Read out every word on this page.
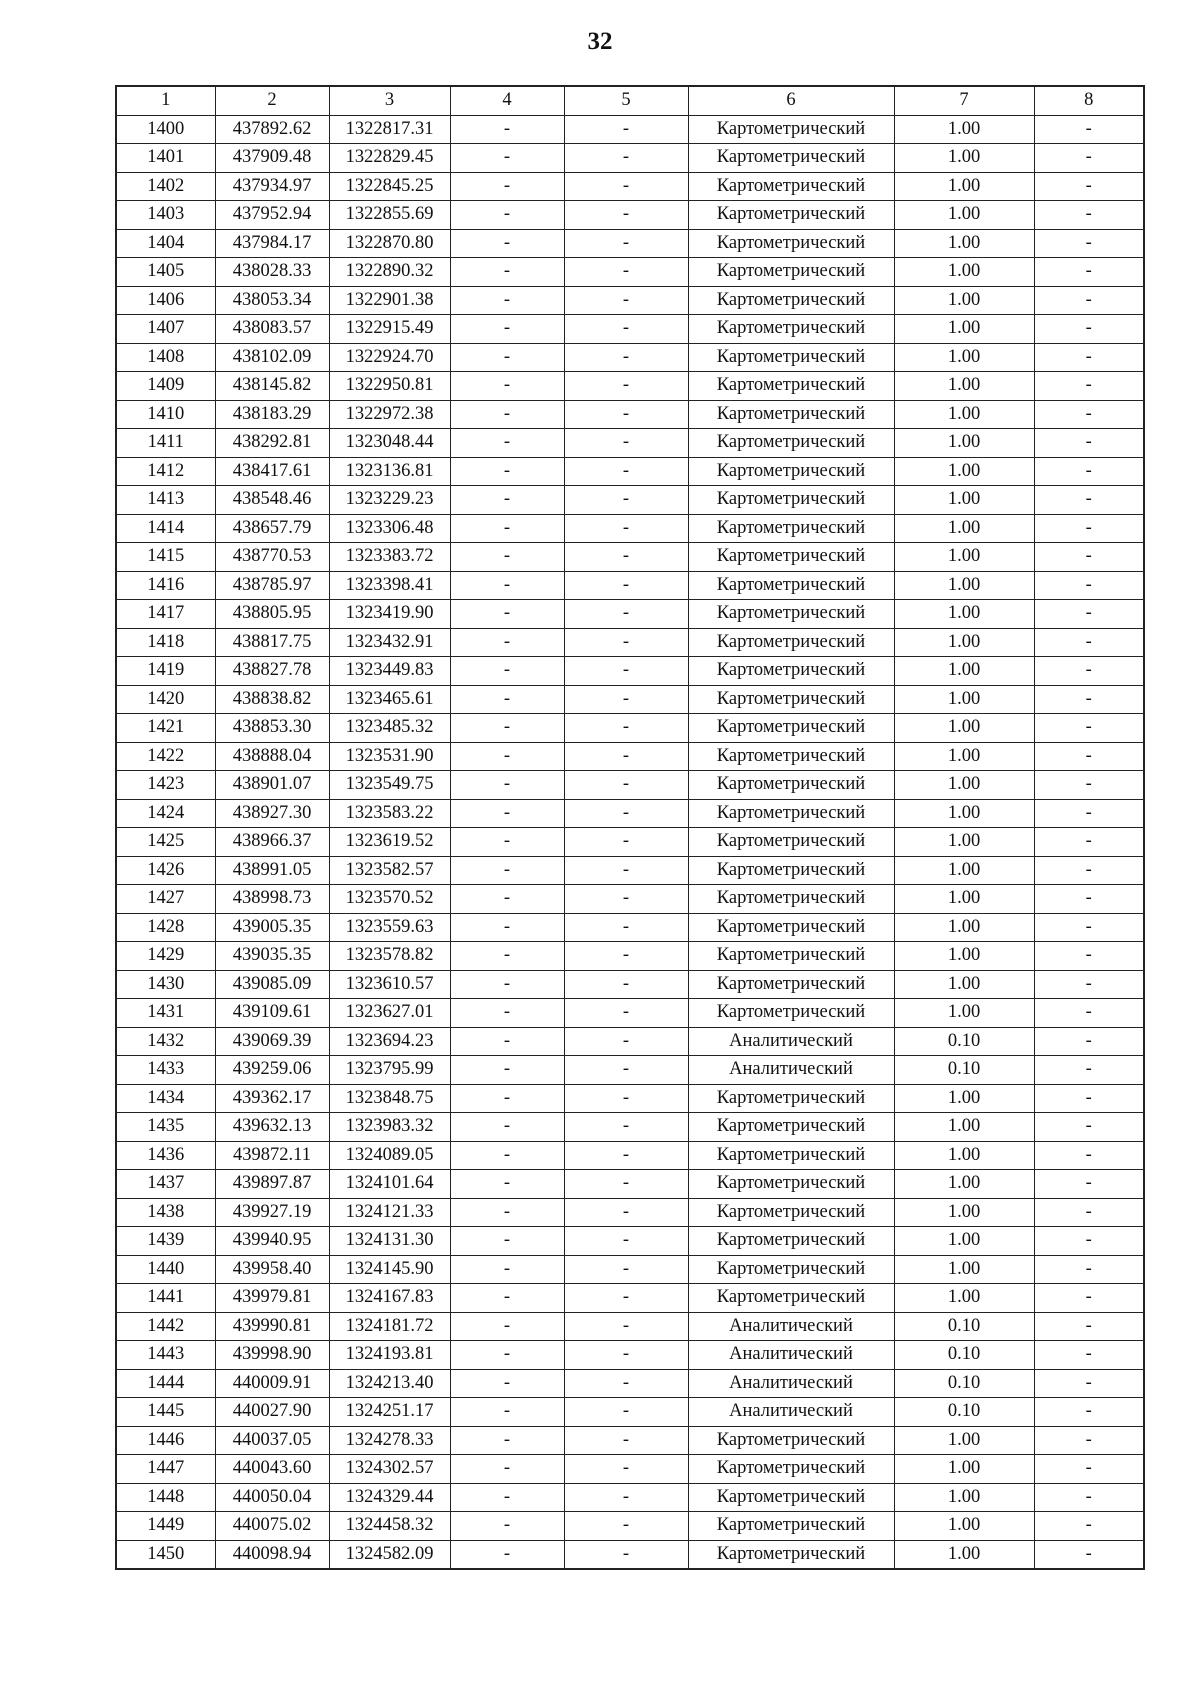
32
1	2	3	4	5	6	7	8
1400	437892.62	1322817.31	-	-	Картометрический	1.00	-
1401	437909.48	1322829.45	-	-	Картометрический	1.00	-
1402	437934.97	1322845.25	-	-	Картометрический	1.00	-
1403	437952.94	1322855.69	-	-	Картометрический	1.00	-
1404	437984.17	1322870.80	-	-	Картометрический	1.00	-
1405	438028.33	1322890.32	-	-	Картометрический	1.00	-
1406	438053.34	1322901.38	-	-	Картометрический	1.00	-
1407	438083.57	1322915.49	-	-	Картометрический	1.00	-
1408	438102.09	1322924.70	-	-	Картометрический	1.00	-
1409	438145.82	1322950.81	-	-	Картометрический	1.00	-
1410	438183.29	1322972.38	-	-	Картометрический	1.00	-
1411	438292.81	1323048.44	-	-	Картометрический	1.00	-
1412	438417.61	1323136.81	-	-	Картометрический	1.00	-
1413	438548.46	1323229.23	-	-	Картометрический	1.00	-
1414	438657.79	1323306.48	-	-	Картометрический	1.00	-
1415	438770.53	1323383.72	-	-	Картометрический	1.00	-
1416	438785.97	1323398.41	-	-	Картометрический	1.00	-
1417	438805.95	1323419.90	-	-	Картометрический	1.00	-
1418	438817.75	1323432.91	-	-	Картометрический	1.00	-
1419	438827.78	1323449.83	-	-	Картометрический	1.00	-
1420	438838.82	1323465.61	-	-	Картометрический	1.00	-
1421	438853.30	1323485.32	-	-	Картометрический	1.00	-
1422	438888.04	1323531.90	-	-	Картометрический	1.00	-
1423	438901.07	1323549.75	-	-	Картометрический	1.00	-
1424	438927.30	1323583.22	-	-	Картометрический	1.00	-
1425	438966.37	1323619.52	-	-	Картометрический	1.00	-
1426	438991.05	1323582.57	-	-	Картометрический	1.00	-
1427	438998.73	1323570.52	-	-	Картометрический	1.00	-
1428	439005.35	1323559.63	-	-	Картометрический	1.00	-
1429	439035.35	1323578.82	-	-	Картометрический	1.00	-
1430	439085.09	1323610.57	-	-	Картометрический	1.00	-
1431	439109.61	1323627.01	-	-	Картометрический	1.00	-
1432	439069.39	1323694.23	-	-	Аналитический	0.10	-
1433	439259.06	1323795.99	-	-	Аналитический	0.10	-
1434	439362.17	1323848.75	-	-	Картометрический	1.00	-
1435	439632.13	1323983.32	-	-	Картометрический	1.00	-
1436	439872.11	1324089.05	-	-	Картометрический	1.00	-
1437	439897.87	1324101.64	-	-	Картометрический	1.00	-
1438	439927.19	1324121.33	-	-	Картометрический	1.00	-
1439	439940.95	1324131.30	-	-	Картометрический	1.00	-
1440	439958.40	1324145.90	-	-	Картометрический	1.00	-
1441	439979.81	1324167.83	-	-	Картометрический	1.00	-
1442	439990.81	1324181.72	-	-	Аналитический	0.10	-
1443	439998.90	1324193.81	-	-	Аналитический	0.10	-
1444	440009.91	1324213.40	-	-	Аналитический	0.10	-
1445	440027.90	1324251.17	-	-	Аналитический	0.10	-
1446	440037.05	1324278.33	-	-	Картометрический	1.00	-
1447	440043.60	1324302.57	-	-	Картометрический	1.00	-
1448	440050.04	1324329.44	-	-	Картометрический	1.00	-
1449	440075.02	1324458.32	-	-	Картометрический	1.00	-
1450	440098.94	1324582.09	-	-	Картометрический	1.00	-
